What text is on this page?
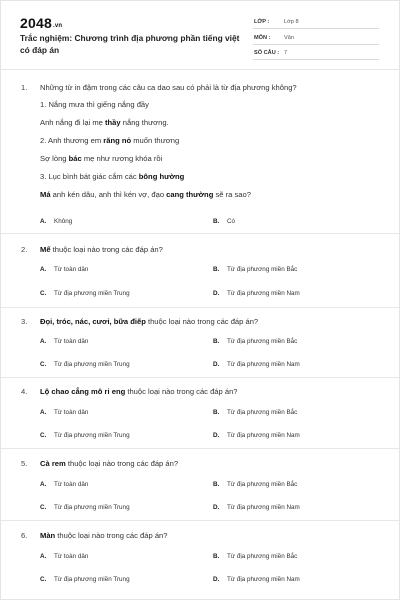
2048.vn
Trắc nghiệm: Chương trình địa phương phần tiếng việt có đáp án
LỚP :	Lớp 8
MÔN : Văn
SỐ CÂU : 7
1. Những từ in đậm trong các câu ca dao sau có phải là từ địa phương không?
1. Nắng mưa thì giếng nắng đầy
Anh nắng đi lại mẹ thầy nắng thương.
2. Anh thương em răng nỏ muốn thương
Sợ lòng bác mẹ như rương khóa rồi
3. Lục bình bát giác cắm các bông hường
Má anh kén dâu, anh thì kén vợ, đạo cang thường sẽ ra sao?
A. Không	B. Có
2. Mế thuộc loại nào trong các đáp án?
A. Từ toàn dân	B. Từ địa phương miền Bắc
C. Từ địa phương miền Trung	D. Từ địa phương miền Nam
3. Đọi, tróc, nác, cươi, bữa điếp thuộc loại nào trong các đáp án?
A. Từ toàn dân	B. Từ địa phương miền Bắc
C. Từ địa phương miền Trung	D. Từ địa phương miền Nam
4. Lộ chao cẳng mô ri eng thuộc loại nào trong các đáp án?
A. Từ toàn dân	B. Từ địa phương miền Bắc
C. Từ địa phương miền Trung	D. Từ địa phương miền Nam
5. Cà rem thuộc loại nào trong các đáp án?
A. Từ toàn dân	B. Từ địa phương miền Bắc
C. Từ địa phương miền Trung	D. Từ địa phương miền Nam
6. Màn thuộc loại nào trong các đáp án?
A. Từ toàn dân	B. Từ địa phương miền Bắc
C. Từ địa phương miền Trung	D. Từ địa phương miền Nam
